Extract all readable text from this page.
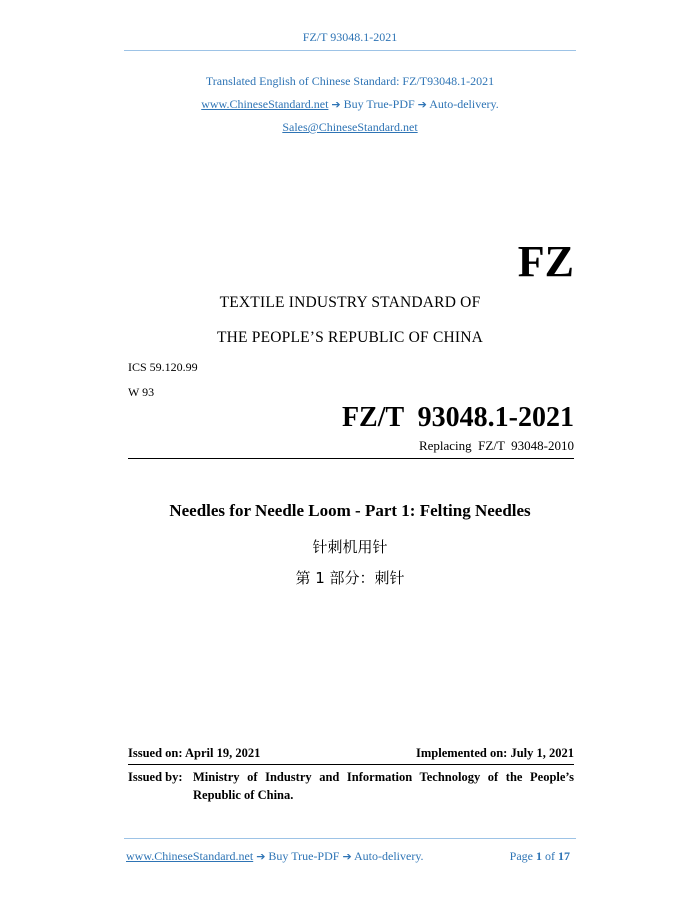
FZ/T 93048.1-2021
Translated English of Chinese Standard: FZ/T93048.1-2021
www.ChineseStandard.net ➔ Buy True-PDF ➔ Auto-delivery.
Sales@ChineseStandard.net
FZ
TEXTILE INDUSTRY STANDARD OF
THE PEOPLE’S REPUBLIC OF CHINA
ICS 59.120.99
W 93
FZ/T  93048.1-2021
Replacing  FZ/T  93048-2010
Needles for Needle Loom - Part 1: Felting Needles
针刺机用针
第 1 部分：刺针
Issued on: April 19, 2021	Implemented on: July 1, 2021
Issued by: Ministry of Industry and Information Technology of the People’s
Republic of China.
www.ChineseStandard.net ➔ Buy True-PDF ➔ Auto-delivery.	Page 1 of 17
